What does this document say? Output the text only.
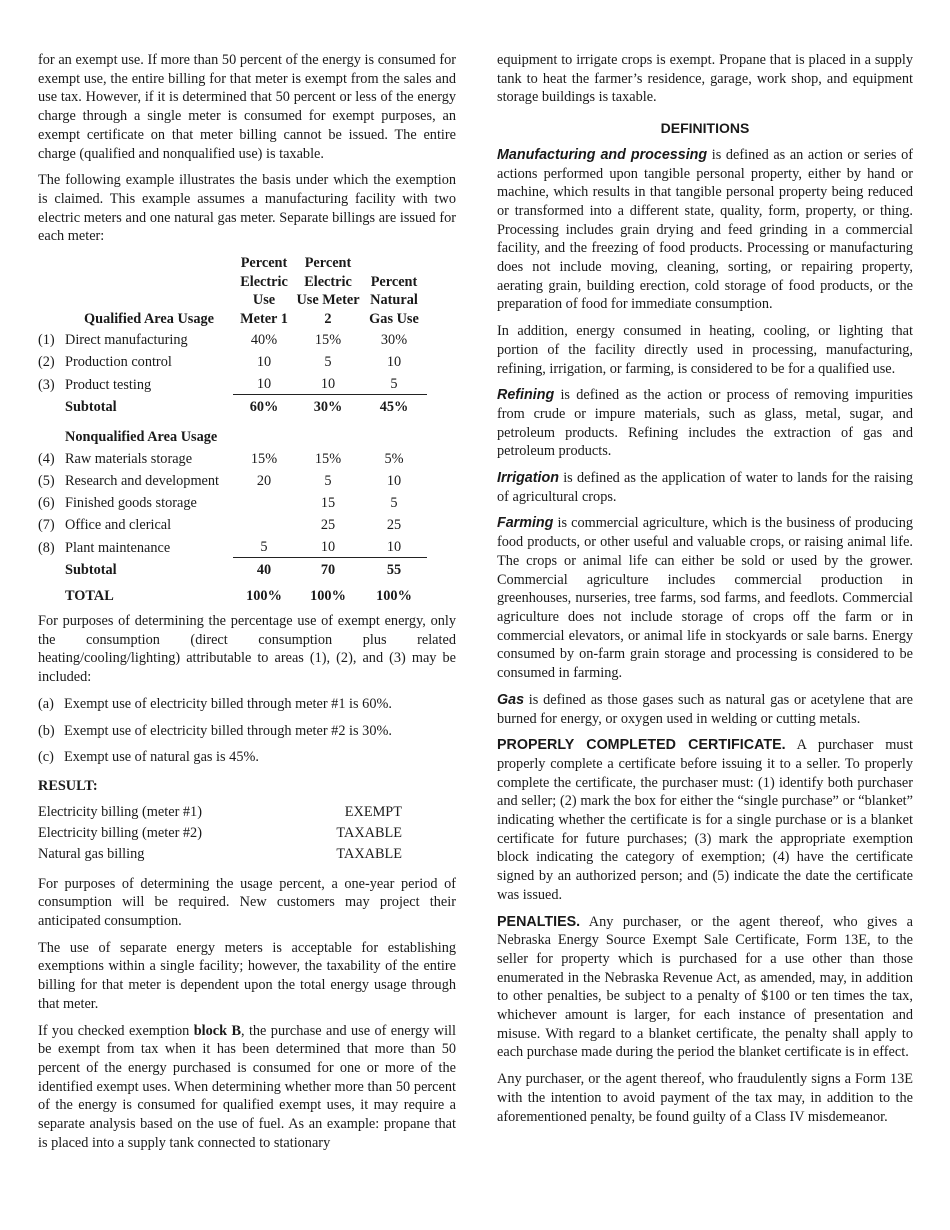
for an exempt use. If more than 50 percent of the energy is consumed for exempt use, the entire billing for that meter is exempt from the sales and use tax. However, if it is determined that 50 percent or less of the energy charge through a single meter is consumed for exempt purposes, an exempt certificate on that meter billing cannot be issued. The entire charge (qualified and nonqualified use) is taxable.

The following example illustrates the basis under which the exemption is claimed. This example assumes a manufacturing facility with two electric meters and one natural gas meter. Separate billings are issued for each meter:

	Qualified Area Usage	Percent Electric Use Meter 1	Percent Electric Use Meter 2	Percent Natural Gas Use
(1)	Direct manufacturing	40%	15%	30%
(2)	Production control	10	5	10
(3)	Product testing	10	10	5
	Subtotal	60%	30%	45%
	Nonqualified Area Usage			
(4)	Raw materials storage	15%	15%	5%
(5)	Research and development	20	5	10
(6)	Finished goods storage		15	5
(7)	Office and clerical		25	25
(8)	Plant maintenance	5	10	10
	Subtotal	40	70	55
	TOTAL	100%	100%	100%

For purposes of determining the percentage use of exempt energy, only the consumption (direct consumption plus related heating/cooling/lighting) attributable to areas (1), (2), and (3) may be included:

(a) Exempt use of electricity billed through meter #1 is 60%.

(b) Exempt use of electricity billed through meter #2 is 30%.

(c) Exempt use of natural gas is 45%.

RESULT:
Electricity billing (meter #1)	EXEMPT
Electricity billing (meter #2)	TAXABLE
Natural gas billing	TAXABLE

For purposes of determining the usage percent, a one-year period of consumption will be required. New customers may project their anticipated consumption.

The use of separate energy meters is acceptable for establishing exemptions within a single facility; however, the taxability of the entire billing for that meter is dependent upon the total energy usage through that meter.

If you checked exemption block B, the purchase and use of energy will be exempt from tax when it has been determined that more than 50 percent of the energy purchased is consumed for one or more of the identified exempt uses. When determining whether more than 50 percent of the energy is consumed for qualified exempt uses, it may require a separate analysis based on the use of fuel. As an example: propane that is placed into a supply tank connected to stationary

equipment to irrigate crops is exempt. Propane that is placed in a supply tank to heat the farmer’s residence, garage, work shop, and equipment storage buildings is taxable.

DEFINITIONS

Manufacturing and processing is defined as an action or series of actions performed upon tangible personal property, either by hand or machine, which results in that tangible personal property being reduced or transformed into a different state, quality, form, property, or thing. Processing includes grain drying and feed grinding in a commercial facility, and the freezing of food products. Processing or manufacturing does not include moving, cleaning, sorting, or repairing property, aerating grain, building erection, cold storage of food products, or the preparation of food for immediate consumption.

In addition, energy consumed in heating, cooling, or lighting that portion of the facility directly used in processing, manufacturing, refining, irrigation, or farming, is considered to be for a qualified use.

Refining is defined as the action or process of removing impurities from crude or impure materials, such as glass, metal, sugar, and petroleum products. Refining includes the extraction of gas and petroleum products.

Irrigation is defined as the application of water to lands for the raising of agricultural crops.

Farming is commercial agriculture, which is the business of producing food products, or other useful and valuable crops, or raising animal life. The crops or animal life can either be sold or used by the grower. Commercial agriculture includes commercial production in greenhouses, nurseries, tree farms, sod farms, and feedlots. Commercial agriculture does not include storage of crops off the farm or in commercial elevators, or animal life in stockyards or sale barns. Energy consumed by on-farm grain storage and processing is considered to be consumed in farming.

Gas is defined as those gases such as natural gas or acetylene that are burned for energy, or oxygen used in welding or cutting metals.

PROPERLY COMPLETED CERTIFICATE. A purchaser must properly complete a certificate before issuing it to a seller. To properly complete the certificate, the purchaser must: (1) identify both purchaser and seller; (2) mark the box for either the “single purchase” or “blanket” indicating whether the certificate is for a single purchase or is a blanket certificate for future purchases; (3) mark the appropriate exemption block indicating the category of exemption; (4) have the certificate signed by an authorized person; and (5) indicate the date the certificate was issued.

PENALTIES. Any purchaser, or the agent thereof, who gives a Nebraska Energy Source Exempt Sale Certificate, Form 13E, to the seller for property which is purchased for a use other than those enumerated in the Nebraska Revenue Act, as amended, may, in addition to other penalties, be subject to a penalty of $100 or ten times the tax, whichever amount is larger, for each instance of presentation and misuse. With regard to a blanket certificate, the penalty shall apply to each purchase made during the period the blanket certificate is in effect.

Any purchaser, or the agent thereof, who fraudulently signs a Form 13E with the intention to avoid payment of the tax may, in addition to the aforementioned penalty, be found guilty of a Class IV misdemeanor.
